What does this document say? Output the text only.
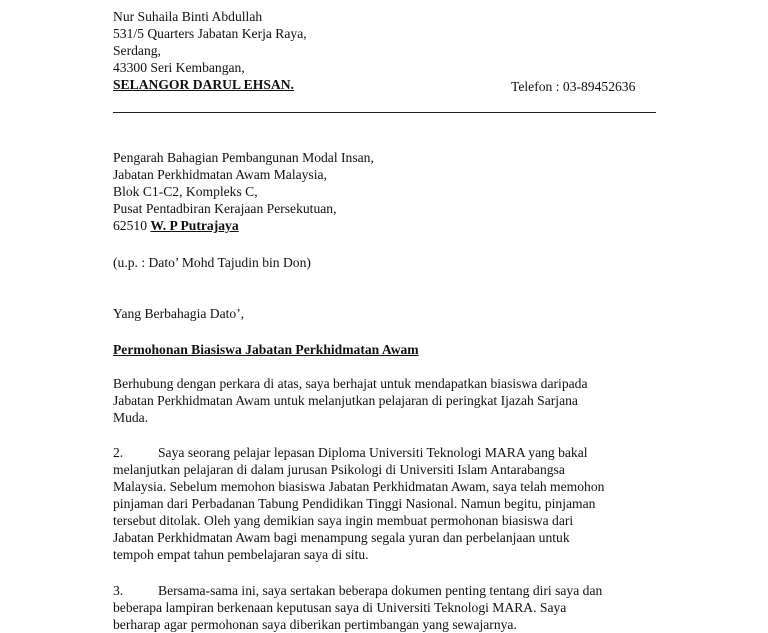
Nur Suhaila Binti Abdullah
531/5 Quarters Jabatan Kerja Raya,
Serdang,
43300 Seri Kembangan,
SELANGOR DARUL EHSAN.	Telefon : 03-89452636
Pengarah Bahagian Pembangunan Modal Insan,
Jabatan Perkhidmatan Awam Malaysia,
Blok C1-C2, Kompleks C,
Pusat Pentadbiran Kerajaan Persekutuan,
62510 W. P Putrajaya
(u.p. : Dato’ Mohd Tajudin bin Don)
Yang Berbahagia Dato’,
Permohonan Biasiswa Jabatan Perkhidmatan Awam
Berhubung dengan perkara di atas, saya berhajat untuk mendapatkan biasiswa daripada
Jabatan Perkhidmatan Awam untuk melanjutkan pelajaran di peringkat Ijazah Sarjana
Muda.
2.	Saya seorang pelajar lepasan Diploma Universiti Teknologi MARA yang bakal
melanjutkan pelajaran di dalam jurusan Psikologi di Universiti Islam Antarabangsa
Malaysia. Sebelum memohon biasiswa Jabatan Perkhidmatan Awam, saya telah memohon
pinjaman dari Perbadanan Tabung Pendidikan Tinggi Nasional. Namun begitu, pinjaman
tersebut ditolak. Oleh yang demikian saya ingin membuat permohonan biasiswa dari
Jabatan Perkhidmatan Awam bagi menampung segala yuran dan perbelanjaan untuk
tempoh empat tahun pembelajaran saya di situ.
3.	Bersama-sama ini, saya sertakan beberapa dokumen penting tentang diri saya dan
beberapa lampiran berkenaan keputusan saya di Universiti Teknologi MARA. Saya
berharap agar permohonan saya diberikan pertimbangan yang sewajarnya.
